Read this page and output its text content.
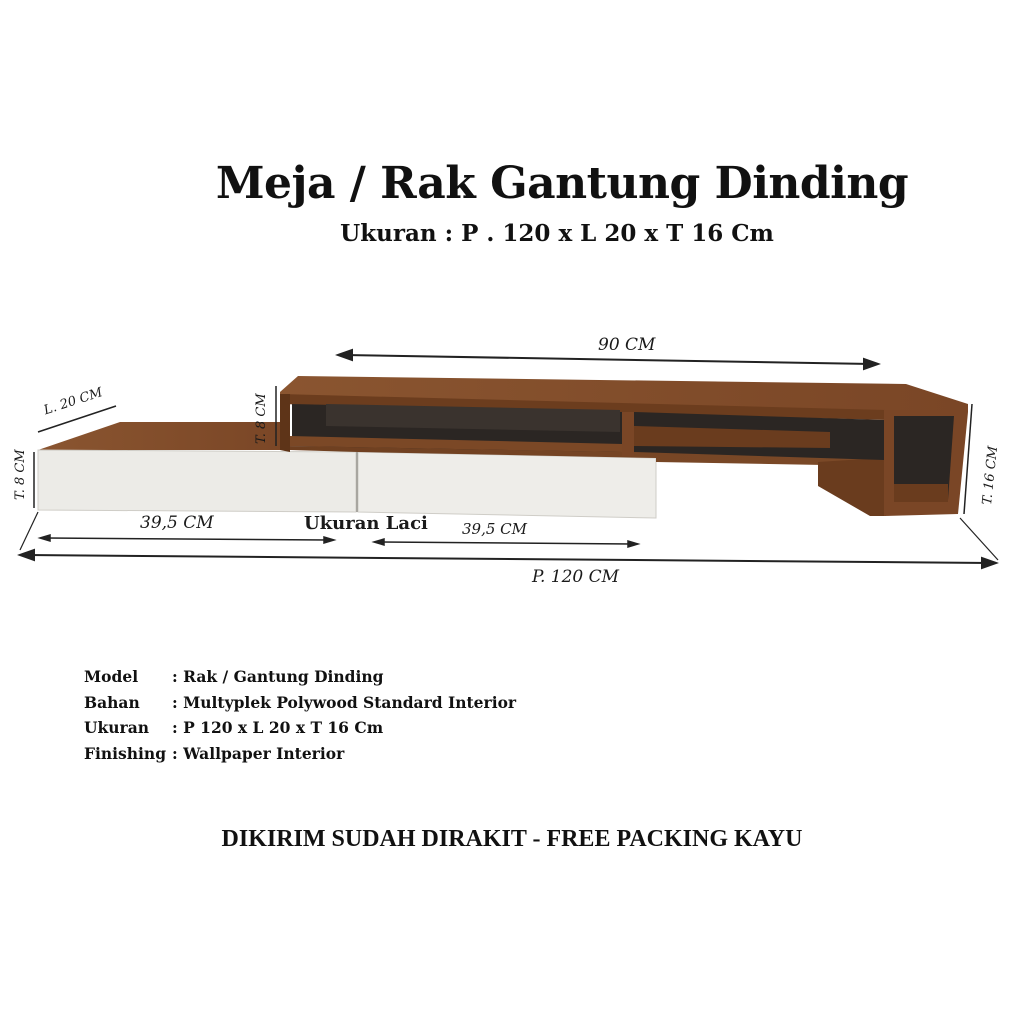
Meja / Rak Gantung Dinding
Ukuran : P . 120 x L 20 x T 16 Cm
90 CM
P. 120 CM
L. 20 CM
T. 8 CM
T. 8 CM
T. 16 CM
39,5 CM	39,5 CM
Ukuran Laci
Model	: Rak / Gantung Dinding
Bahan	: Multyplek Polywood Standard Interior
Ukuran	: P 120 x L 20 x T 16 Cm
Finishing : Wallpaper Interior
DIKIRIM SUDAH DIRAKIT - FREE PACKING KAYU
